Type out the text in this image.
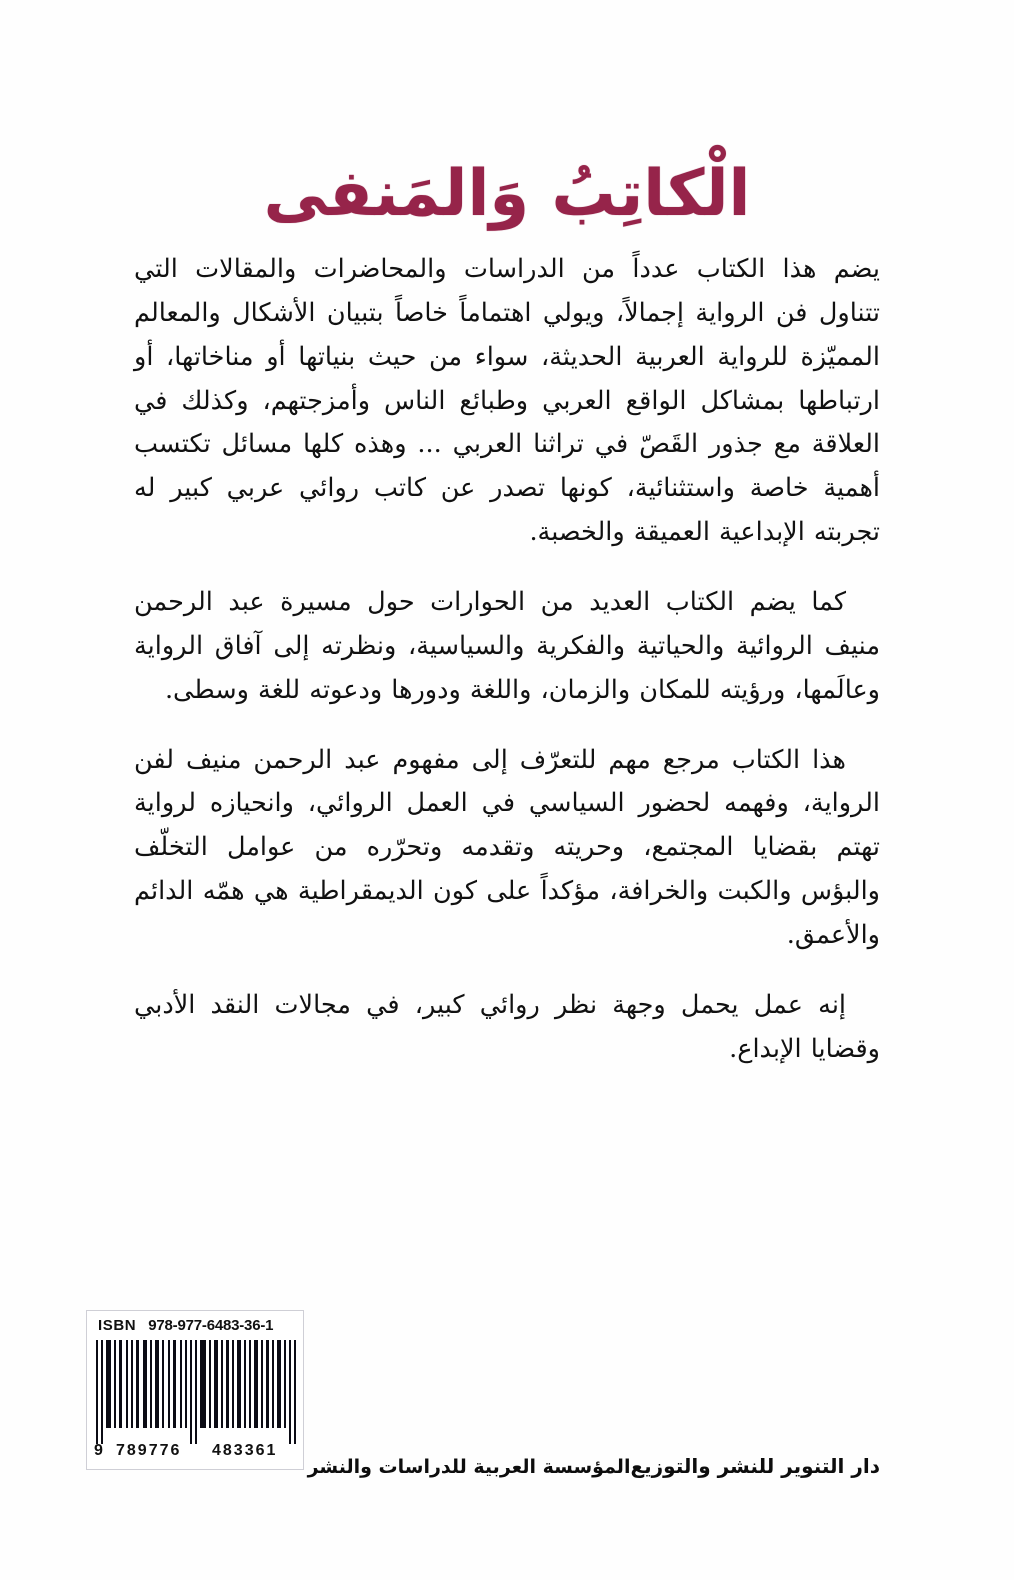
الْكاتِبُ وَالمَنفى

يضم هذا الكتاب عدداً من الدراسات والمحاضرات والمقالات التي تتناول فن الرواية إجمالاً، ويولي اهتماماً خاصاً بتبيان الأشكال والمعالم المميّزة للرواية العربية الحديثة، سواء من حيث بنياتها أو مناخاتها، أو ارتباطها بمشاكل الواقع العربي وطبائع الناس وأمزجتهم، وكذلك في العلاقة مع جذور القَصّ في تراثنا العربي ... وهذه كلها مسائل تكتسب أهمية خاصة واستثنائية، كونها تصدر عن كاتب روائي عربي كبير له تجربته الإبداعية العميقة والخصبة.

كما يضم الكتاب العديد من الحوارات حول مسيرة عبد الرحمن منيف الروائية والحياتية والفكرية والسياسية، ونظرته إلى آفاق الرواية وعالَمها، ورؤيته للمكان والزمان، واللغة ودورها ودعوته للغة وسطى.

هذا الكتاب مرجع مهم للتعرّف إلى مفهوم عبد الرحمن منيف لفن الرواية، وفهمه لحضور السياسي في العمل الروائي، وانحيازه لرواية تهتم بقضايا المجتمع، وحريته وتقدمه وتحرّره من عوامل التخلّف والبؤس والكبت والخرافة، مؤكداً على كون الديمقراطية هي همّه الدائم والأعمق.

إنه عمل يحمل وجهة نظر روائي كبير، في مجالات النقد الأدبي وقضايا الإبداع.

ISBN 978-977-6483-36-1
9 789776 483361
دار التنوير للنشر والتوزيع
المؤسسة العربية للدراسات والنشر
